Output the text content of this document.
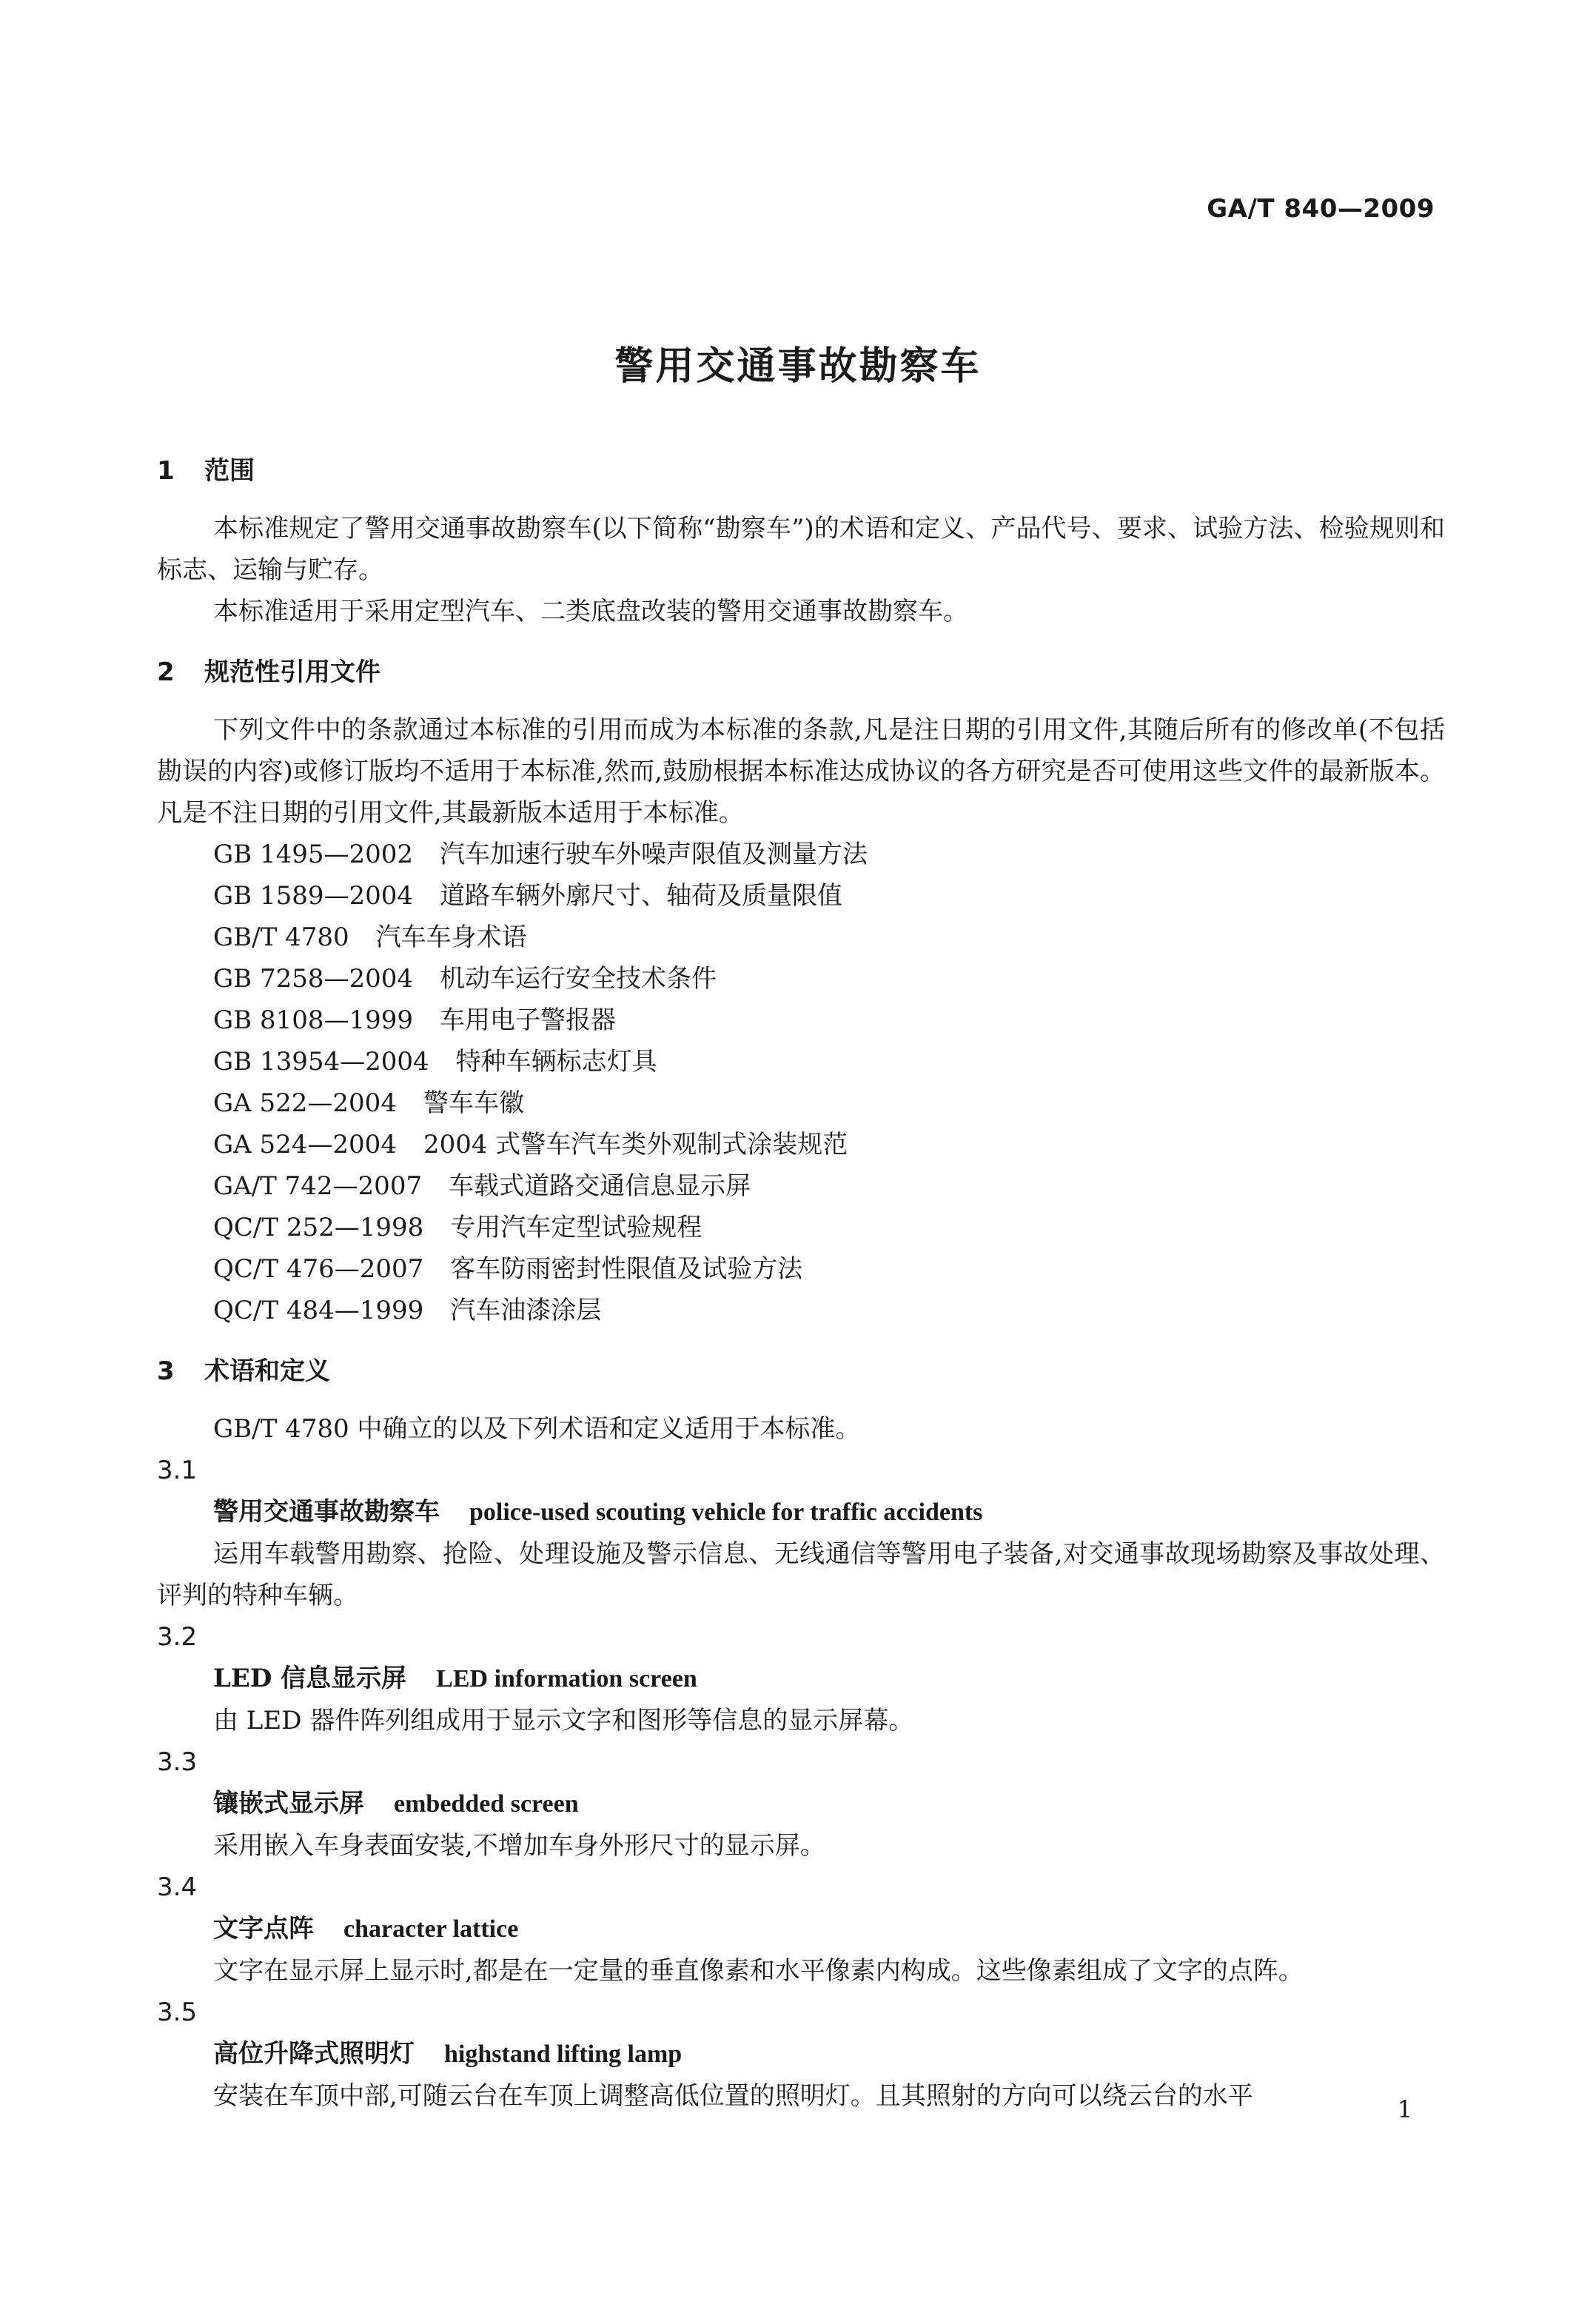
GA/T 840—2009
警用交通事故勘察车
1 范围

本标准规定了警用交通事故勘察车(以下简称“勘察车”)的术语和定义、产品代号、要求、试验方法、检验规则和标志、运输与贮存。

本标准适用于采用定型汽车、二类底盘改装的警用交通事故勘察车。

2 规范性引用文件

下列文件中的条款通过本标准的引用而成为本标准的条款,凡是注日期的引用文件,其随后所有的修改单(不包括勘误的内容)或修订版均不适用于本标准,然而,鼓励根据本标准达成协议的各方研究是否可使用这些文件的最新版本。凡是不注日期的引用文件,其最新版本适用于本标准。

GB 1495—2002 汽车加速行驶车外噪声限值及测量方法
GB 1589—2004 道路车辆外廓尺寸、轴荷及质量限值
GB/T 4780 汽车车身术语
GB 7258—2004 机动车运行安全技术条件
GB 8108—1999 车用电子警报器
GB 13954—2004 特种车辆标志灯具
GA 522—2004 警车车徽
GA 524—2004 2004 式警车汽车类外观制式涂装规范
GA/T 742—2007 车载式道路交通信息显示屏
QC/T 252—1998 专用汽车定型试验规程
QC/T 476—2007 客车防雨密封性限值及试验方法
QC/T 484—1999 汽车油漆涂层
3 术语和定义

GB/T 4780 中确立的以及下列术语和定义适用于本标准。

3.1
警用交通事故勘察车 police-used scouting vehicle for traffic accidents

运用车载警用勘察、抢险、处理设施及警示信息、无线通信等警用电子装备,对交通事故现场勘察及事故处理、评判的特种车辆。

3.2
LED 信息显示屏 LED information screen

由 LED 器件阵列组成用于显示文字和图形等信息的显示屏幕。

3.3
镶嵌式显示屏 embedded screen

采用嵌入车身表面安装,不增加车身外形尺寸的显示屏。

3.4
文字点阵 character lattice

文字在显示屏上显示时,都是在一定量的垂直像素和水平像素内构成。这些像素组成了文字的点阵。

3.5
高位升降式照明灯 highstand lifting lamp

安装在车顶中部,可随云台在车顶上调整高低位置的照明灯。且其照射的方向可以绕云台的水平	1
